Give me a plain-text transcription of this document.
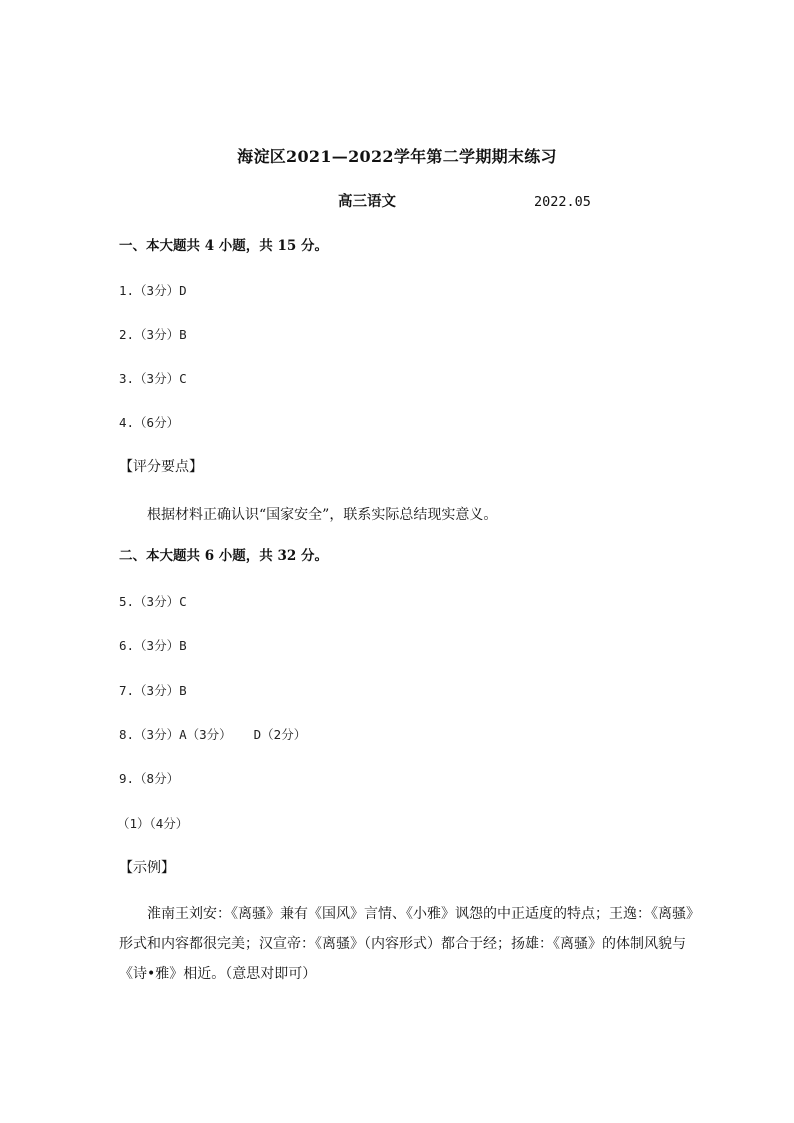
海淀区2021—2022学年第二学期期末练习
高三语文	2022.05
一、本大题共 4 小题，共 15 分。
1.（3分）D
2.（3分）B
3.（3分）C
4.（6分）
【评分要点】
根据材料正确认识“国家安全”，联系实际总结现实意义。
二、本大题共 6 小题，共 32 分。
5.（3分）C
6.（3分）B
7.（3分）B
8.（3分）A（3分） D（2分）
9.（8分）
（1）（4分）
【示例】
淮南王刘安：《离骚》兼有《国风》言情、《小雅》讽怨的中正适度的特点；王逸：《离骚》形式和内容都很完美；汉宣帝：《离骚》（内容形式）都合于经；扬雄：《离骚》的体制风貌与《诗•雅》相近。（意思对即可）
